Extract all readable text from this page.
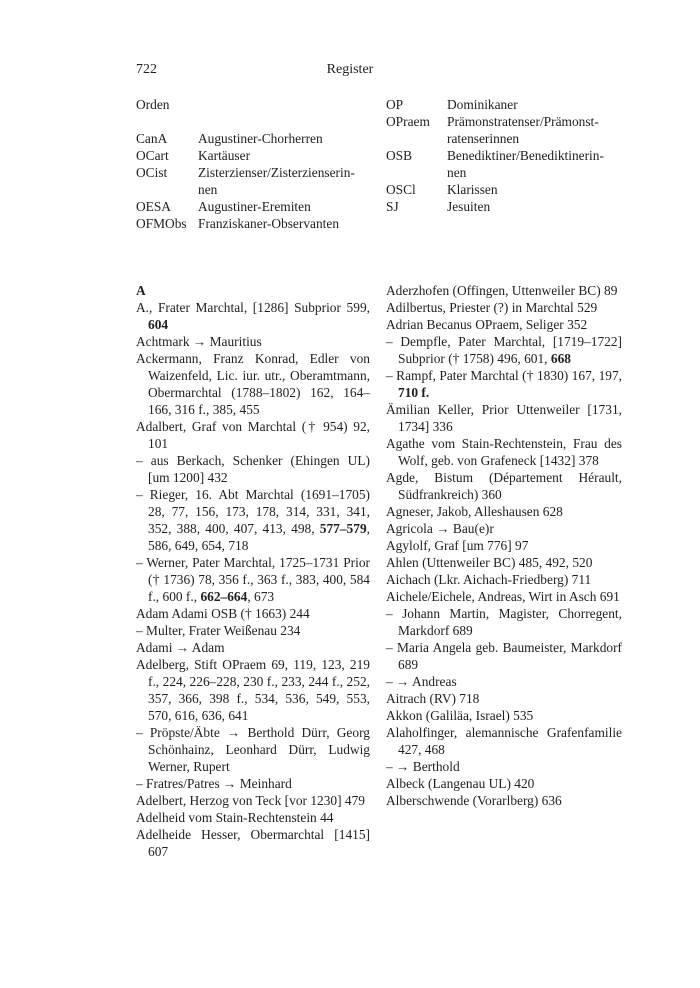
722	Register
Orden
CanA	Augustiner-Chorherren
OCart	Kartäuser
OCist	Zisterzienser/Zisterzienserin-
nen
OESA	Augustiner-Eremiten
OFMObs Franziskaner-Observanten
OP	Dominikaner
OPraem	Prämonstratenser/Prämonst-
ratenserinnen
OSB	Benediktiner/Benediktinerin-
nen
OSCl	Klarissen
SJ	Jesuiten
A
A., Frater Marchtal, [1286] Subprior 599, 604
Achtmark → Mauritius
Ackermann, Franz Konrad, Edler von Waizenfeld, Lic. iur. utr., Oberamtmann, Obermarchtal (1788–1802) 162, 164–166, 316 f., 385, 455
Adalbert, Graf von Marchtal († 954) 92, 101
– aus Berkach, Schenker (Ehingen UL) [um 1200] 432
– Rieger, 16. Abt Marchtal (1691–1705) 28, 77, 156, 173, 178, 314, 331, 341, 352, 388, 400, 407, 413, 498, 577–579, 586, 649, 654, 718
– Werner, Pater Marchtal, 1725–1731 Prior († 1736) 78, 356 f., 363 f., 383, 400, 584 f., 600 f., 662–664, 673
Adam Adami OSB († 1663) 244
– Multer, Frater Weißenau 234
Adami → Adam
Adelberg, Stift OPraem 69, 119, 123, 219 f., 224, 226–228, 230 f., 233, 244 f., 252, 357, 366, 398 f., 534, 536, 549, 553, 570, 616, 636, 641
– Pröpste/Äbte → Berthold Dürr, Georg Schönhainz, Leonhard Dürr, Ludwig Werner, Rupert
– Fratres/Patres → Meinhard
Adelbert, Herzog von Teck [vor 1230] 479
Adelheid vom Stain-Rechtenstein 44
Adelheide Hesser, Obermarchtal [1415] 607
Aderzhofen (Offingen, Uttenweiler BC) 89
Adilbertus, Priester (?) in Marchtal 529
Adrian Becanus OPraem, Seliger 352
– Dempfle, Pater Marchtal, [1719–1722] Subprior († 1758) 496, 601, 668
– Rampf, Pater Marchtal († 1830) 167, 197, 710 f.
Ämilian Keller, Prior Uttenweiler [1731, 1734] 336
Agathe vom Stain-Rechtenstein, Frau des Wolf, geb. von Grafeneck [1432] 378
Agde, Bistum (Département Hérault, Südfrankreich) 360
Agneser, Jakob, Alleshausen 628
Agricola → Bau(e)r
Agylolf, Graf [um 776] 97
Ahlen (Uttenweiler BC) 485, 492, 520
Aichach (Lkr. Aichach-Friedberg) 711
Aichele/Eichele, Andreas, Wirt in Asch 691
– Johann Martin, Magister, Chorregent, Markdorf 689
– Maria Angela geb. Baumeister, Markdorf 689
– → Andreas
Aitrach (RV) 718
Akkon (Galiläa, Israel) 535
Alaholfinger, alemannische Grafenfamilie 427, 468
– → Berthold
Albeck (Langenau UL) 420
Alberschwende (Vorarlberg) 636
